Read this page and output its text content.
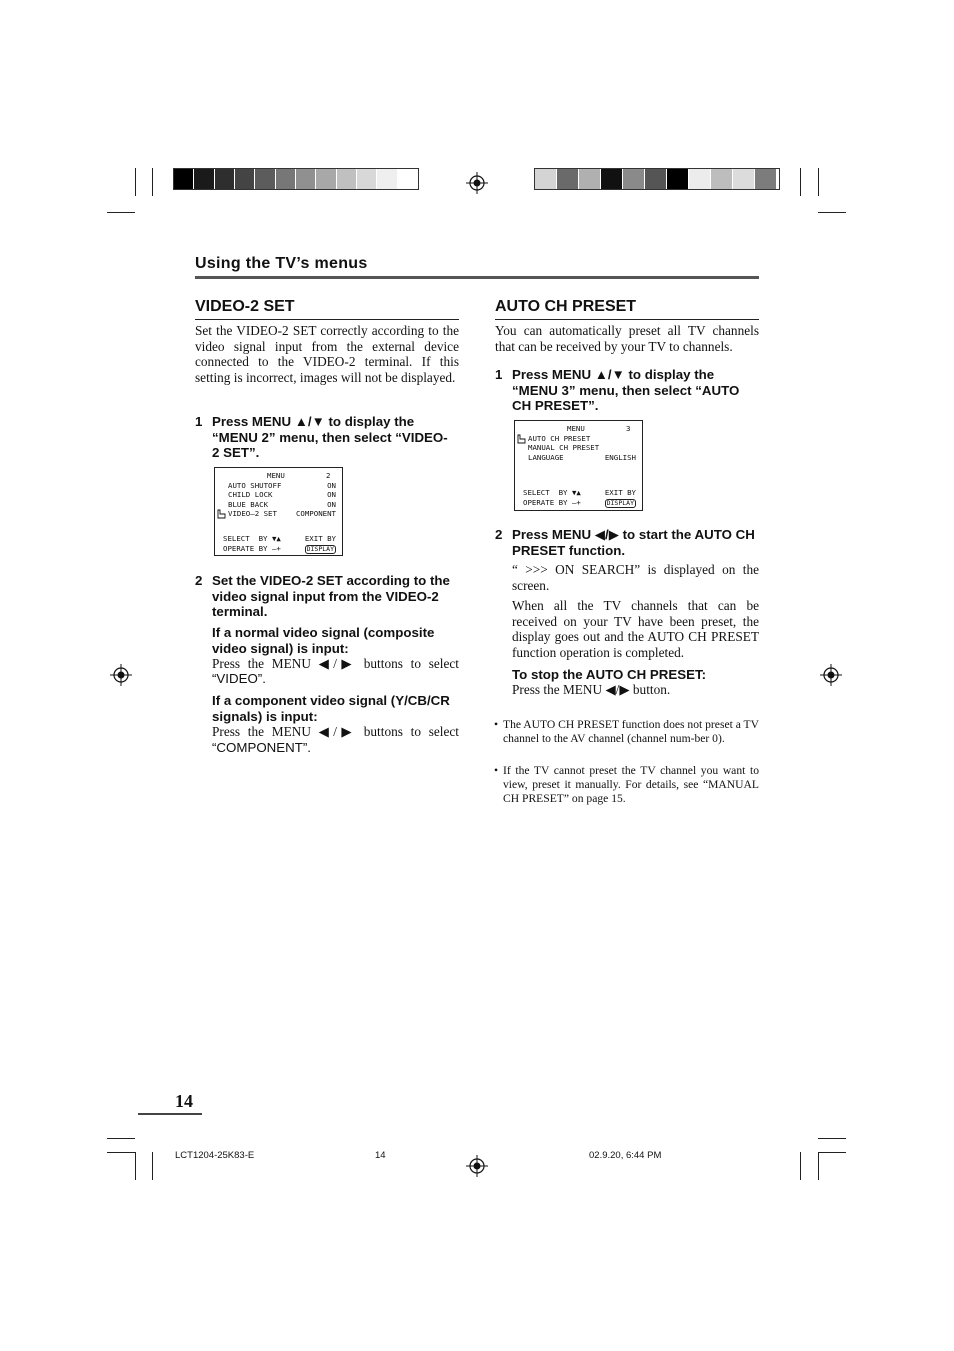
Using the TV’s menus
VIDEO-2 SET
Set the VIDEO-2 SET correctly according to the video signal input from the external device connected to the VIDEO-2 terminal. If this setting is incorrect, images will not be displayed.
1 Press MENU ▲/▼ to display the “MENU 2” menu, then select “VIDEO-2 SET”.
MENU	2
AUTO SHUTOFF	ON
CHILD LOCK	ON
BLUE BACK	ON
VIDEO–2 SET	COMPONENT
SELECT  BY ▼▲	EXIT BY
OPERATE BY –+	DISPLAY
2 Set the VIDEO-2 SET according to the video signal input from the VIDEO-2 terminal.
If a normal video signal (composite video signal) is input:
Press the MENU ◀/▶ buttons to select
“VIDEO”.
If a component video signal (Y/CB/CR signals) is input:
Press the MENU ◀/▶ buttons to select
“COMPONENT”.
AUTO CH PRESET
You can automatically preset all TV channels that can be received by your TV to channels.
1 Press MENU ▲/▼ to display the “MENU 3” menu, then select “AUTO CH PRESET”.
MENU	3
AUTO CH PRESET
MANUAL CH PRESET
LANGUAGE	ENGLISH
SELECT  BY ▼▲	EXIT BY
OPERATE BY –+	DISPLAY
2 Press MENU ◀/▶ to start the AUTO CH PRESET function.
“ >>> ON SEARCH” is displayed on the screen.
When all the TV channels that can be received on your TV have been preset, the display goes out and the AUTO CH PRESET function operation is completed.
To stop the AUTO CH PRESET:
Press the MENU ◀/▶ button.
• The AUTO CH PRESET function does not preset a TV channel to the AV channel (channel num-ber 0).
• If the TV cannot preset the TV channel you want to view, preset it manually. For details, see “MANUAL CH PRESET” on page 15.
14
LCT1204-25K83-E	14	02.9.20, 6:44 PM
